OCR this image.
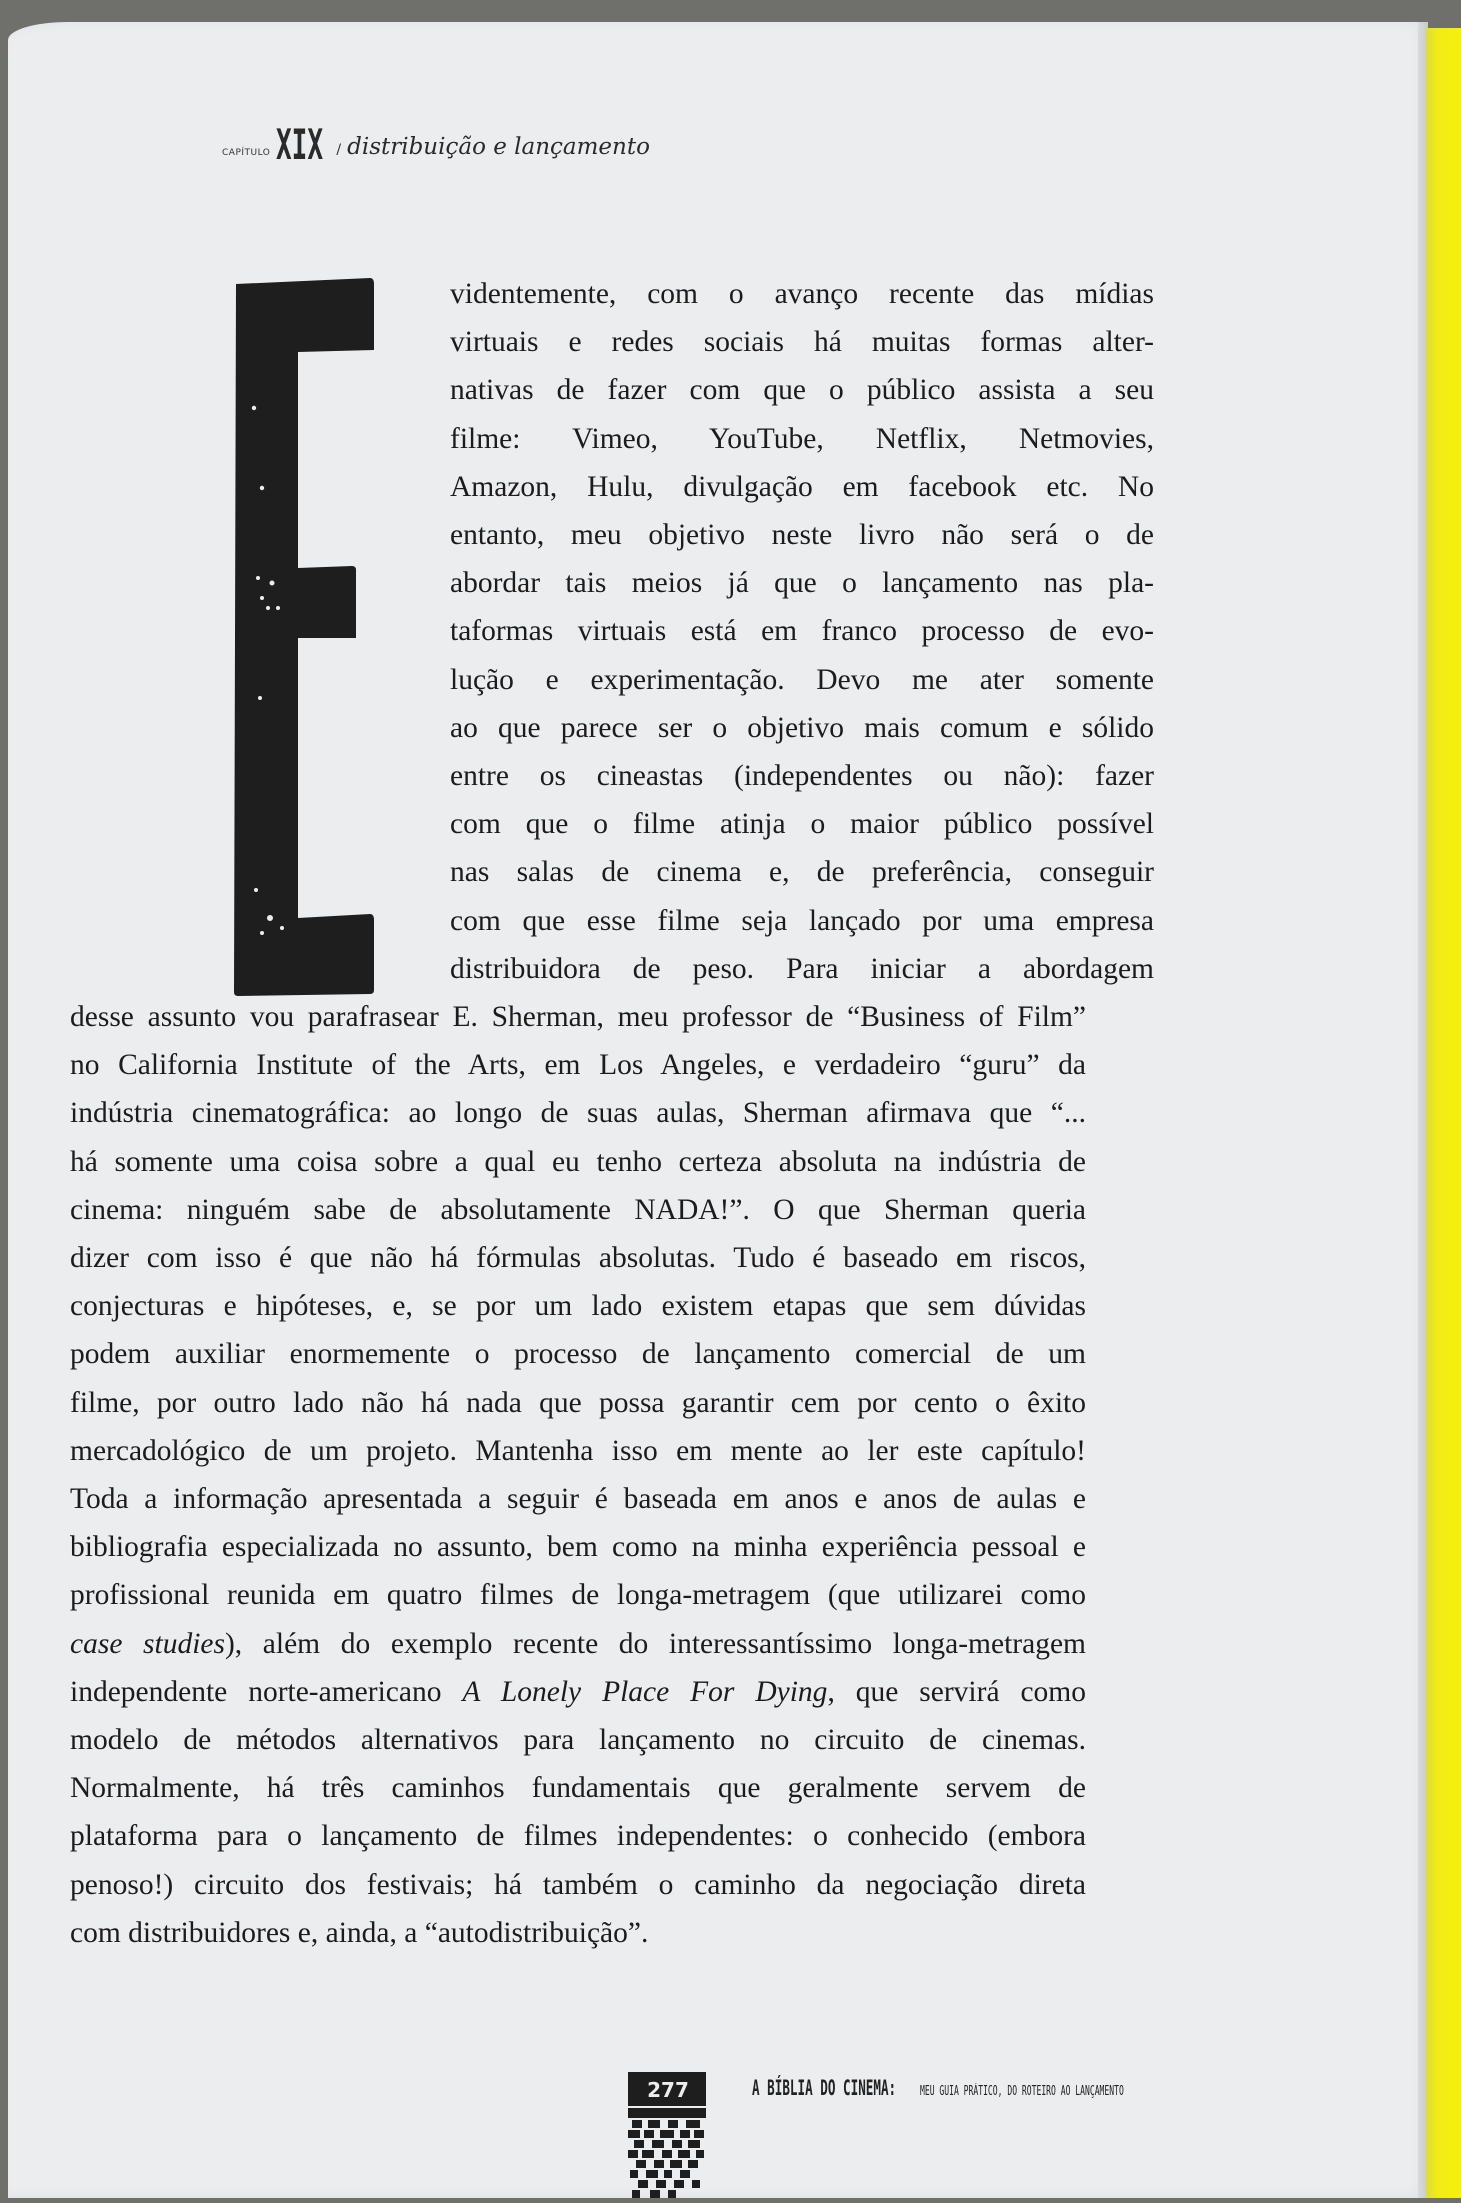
CAPÍTULO XIX / distribuição e lançamento
videntemente, com o avanço recente das mídias
virtuais e redes sociais há muitas formas alter-
nativas de fazer com que o público assista a seu
filme: Vimeo, YouTube, Netflix, Netmovies,
Amazon, Hulu, divulgação em facebook etc. No
entanto, meu objetivo neste livro não será o de
abordar tais meios já que o lançamento nas pla-
taformas virtuais está em franco processo de evo-
lução e experimentação. Devo me ater somente
ao que parece ser o objetivo mais comum e sólido
entre os cineastas (independentes ou não): fazer
com que o filme atinja o maior público possível
nas salas de cinema e, de preferência, conseguir
com que esse filme seja lançado por uma empresa
distribuidora de peso. Para iniciar a abordagem
desse assunto vou parafrasear E. Sherman, meu professor de “Business of Film”
no California Institute of the Arts, em Los Angeles, e verdadeiro “guru” da
indústria cinematográfica: ao longo de suas aulas, Sherman afirmava que “...
há somente uma coisa sobre a qual eu tenho certeza absoluta na indústria de
cinema: ninguém sabe de absolutamente NADA!”. O que Sherman queria
dizer com isso é que não há fórmulas absolutas. Tudo é baseado em riscos,
conjecturas e hipóteses, e, se por um lado existem etapas que sem dúvidas
podem auxiliar enormemente o processo de lançamento comercial de um
filme, por outro lado não há nada que possa garantir cem por cento o êxito
mercadológico de um projeto. Mantenha isso em mente ao ler este capítulo!
Toda a informação apresentada a seguir é baseada em anos e anos de aulas e
bibliografia especializada no assunto, bem como na minha experiência pessoal e
profissional reunida em quatro filmes de longa-metragem (que utilizarei como
case studies), além do exemplo recente do interessantíssimo longa-metragem
independente norte-americano A Lonely Place For Dying, que servirá como
modelo de métodos alternativos para lançamento no circuito de cinemas.
Normalmente, há três caminhos fundamentais que geralmente servem de
plataforma para o lançamento de filmes independentes: o conhecido (embora
penoso!) circuito dos festivais; há também o caminho da negociação direta
com distribuidores e, ainda, a “autodistribuição”.
277	A BÍBLIA DO CINEMA: MEU GUIA PRÁTICO, DO ROTEIRO AO LANÇAMENTO
